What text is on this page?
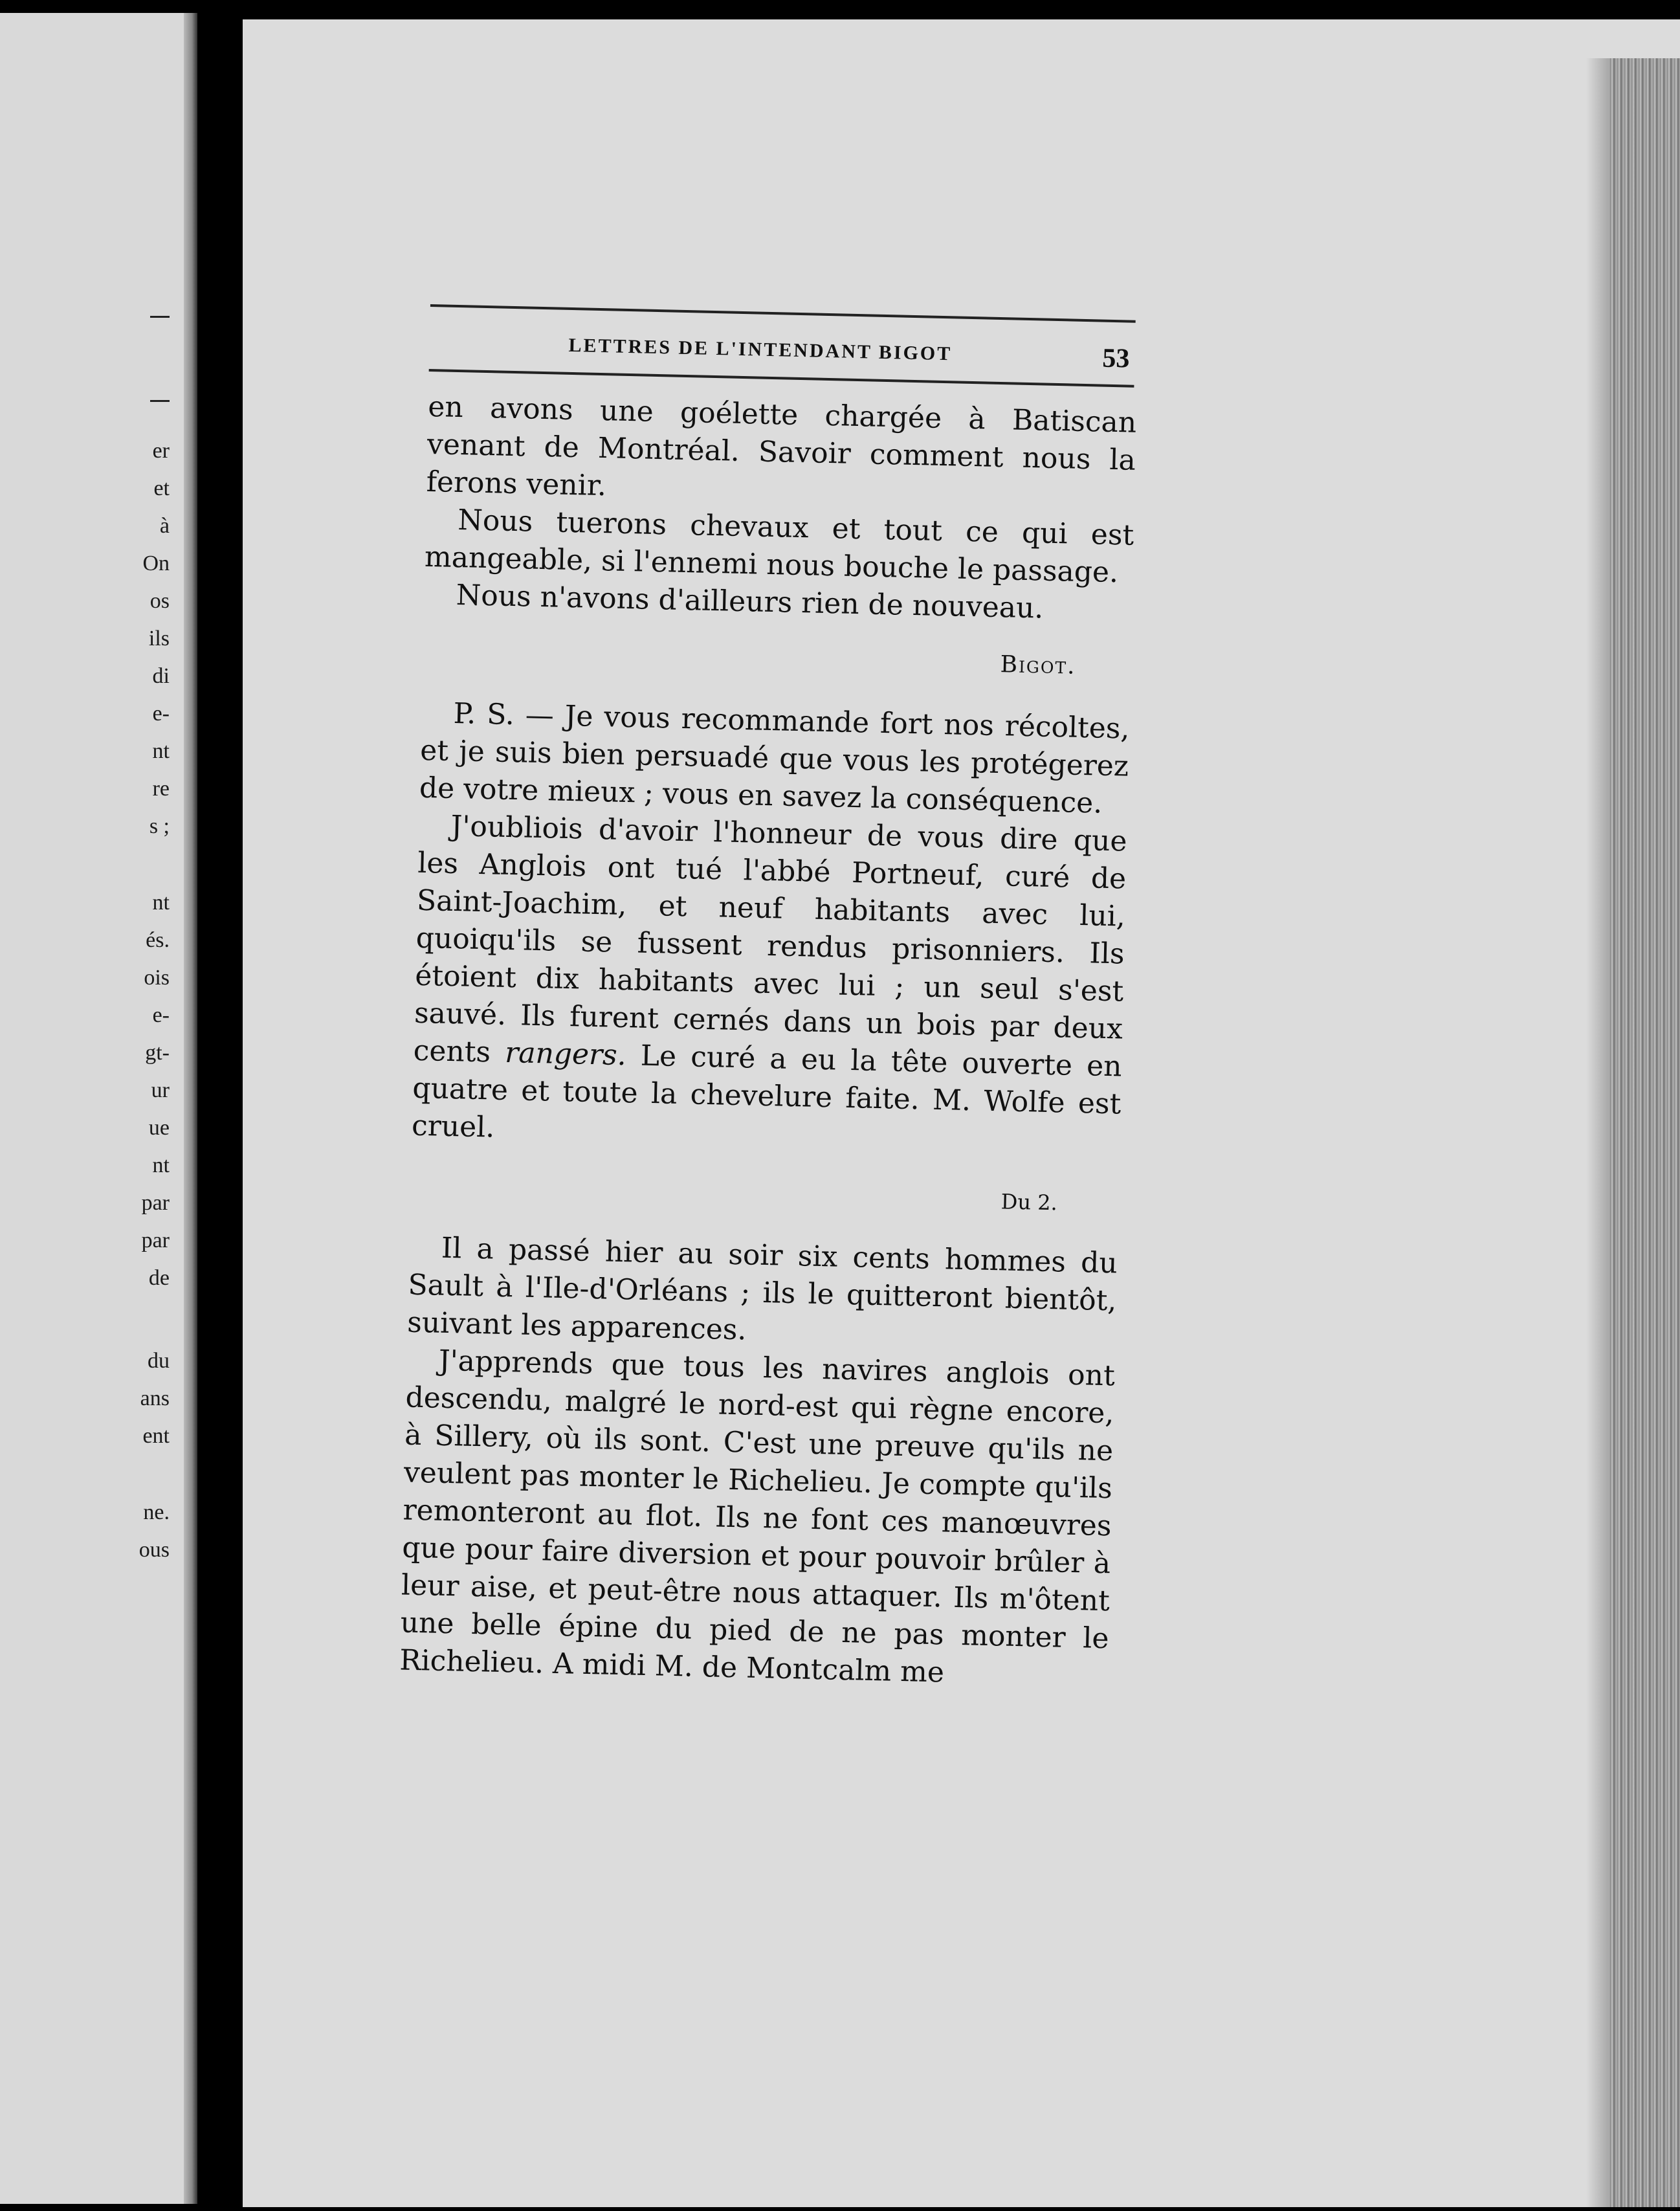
er
et
à
On
os
ils
di
e-
nt
re
s ;
nt
és.
ois
e-
gt-
ur
ue
nt
par
par
de
du
ans
ent
ne.
ous
LETTRES DE L'INTENDANT BIGOT	53

en avons une goélette chargée à Batiscan venant de Montréal. Savoir comment nous la ferons venir.

Nous tuerons chevaux et tout ce qui est mangeable, si l'ennemi nous bouche le passage.

Nous n'avons d'ailleurs rien de nouveau.

Bigot.

P. S. — Je vous recommande fort nos récoltes, et je suis bien persuadé que vous les protégerez de votre mieux ; vous en savez la conséquence.

J'oubliois d'avoir l'honneur de vous dire que les Anglois ont tué l'abbé Portneuf, curé de Saint-Joachim, et neuf habitants avec lui, quoiqu'ils se fussent rendus prisonniers. Ils étoient dix habitants avec lui ; un seul s'est sauvé. Ils furent cernés dans un bois par deux cents rangers. Le curé a eu la tête ouverte en quatre et toute la chevelure faite. M. Wolfe est cruel.

Du 2.

Il a passé hier au soir six cents hommes du Sault à l'Ile-d'Orléans ; ils le quitteront bientôt, suivant les apparences.

J'apprends que tous les navires anglois ont descendu, malgré le nord-est qui règne encore, à Sillery, où ils sont. C'est une preuve qu'ils ne veulent pas monter le Richelieu. Je compte qu'ils remonteront au flot. Ils ne font ces manœuvres que pour faire diversion et pour pouvoir brûler à leur aise, et peut-être nous attaquer. Ils m'ôtent une belle épine du pied de ne pas monter le Richelieu. A midi M. de Montcalm me
